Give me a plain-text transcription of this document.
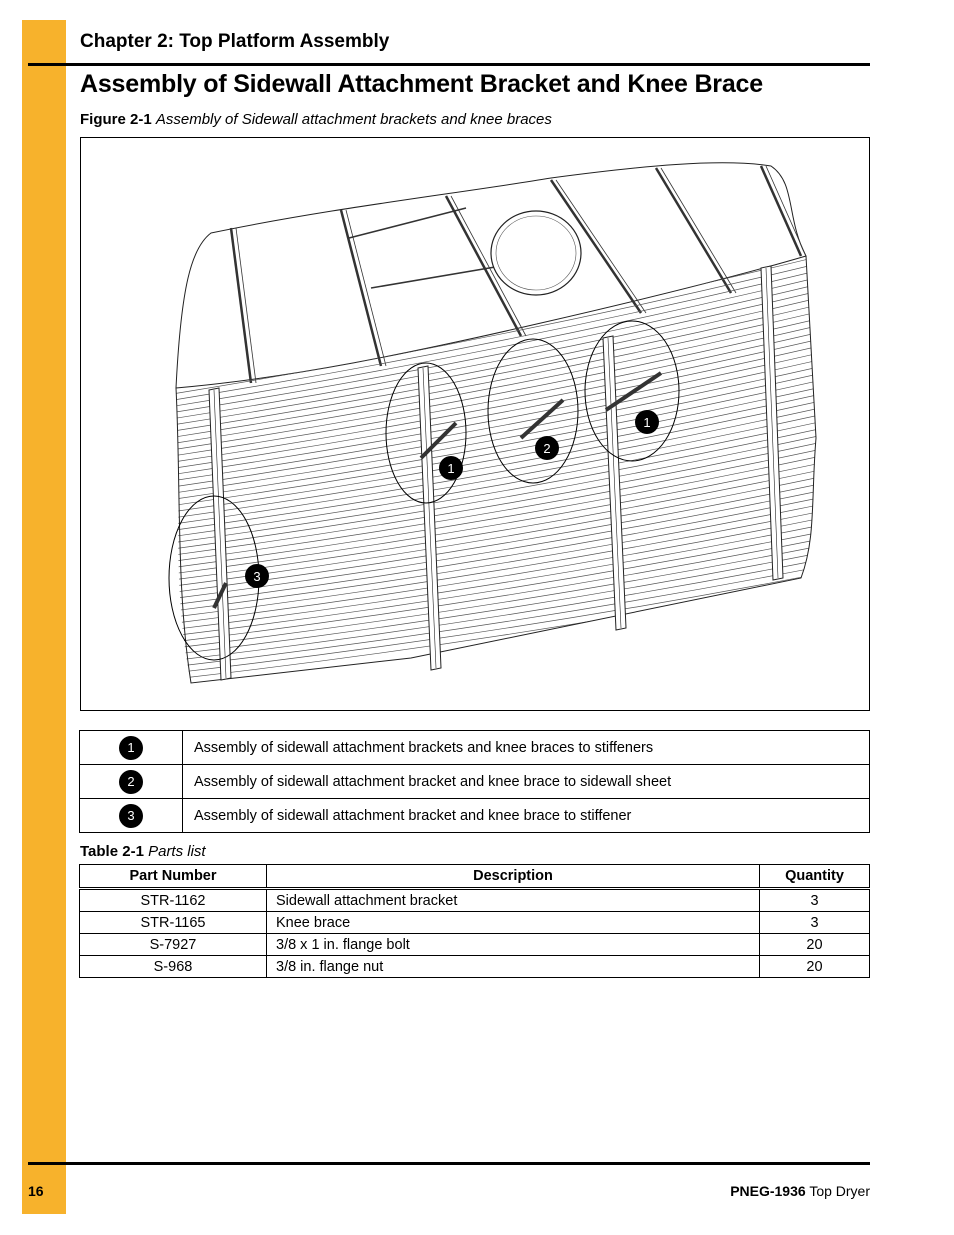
Chapter 2: Top Platform Assembly
Assembly of Sidewall Attachment Bracket and Knee Brace
Figure 2-1 Assembly of Sidewall attachment brackets and knee braces
1
2
1
3
1	Assembly of sidewall attachment brackets and knee braces to stiffeners
2	Assembly of sidewall attachment bracket and knee brace to sidewall sheet
3	Assembly of sidewall attachment bracket and knee brace to stiffener
Table 2-1 Parts list
Part Number	Description	Quantity
STR-1162	Sidewall attachment bracket	3
STR-1165	Knee brace	3
S-7927	3/8 x 1 in. flange bolt	20
S-968	3/8 in. flange nut	20
16	PNEG-1936 Top Dryer
